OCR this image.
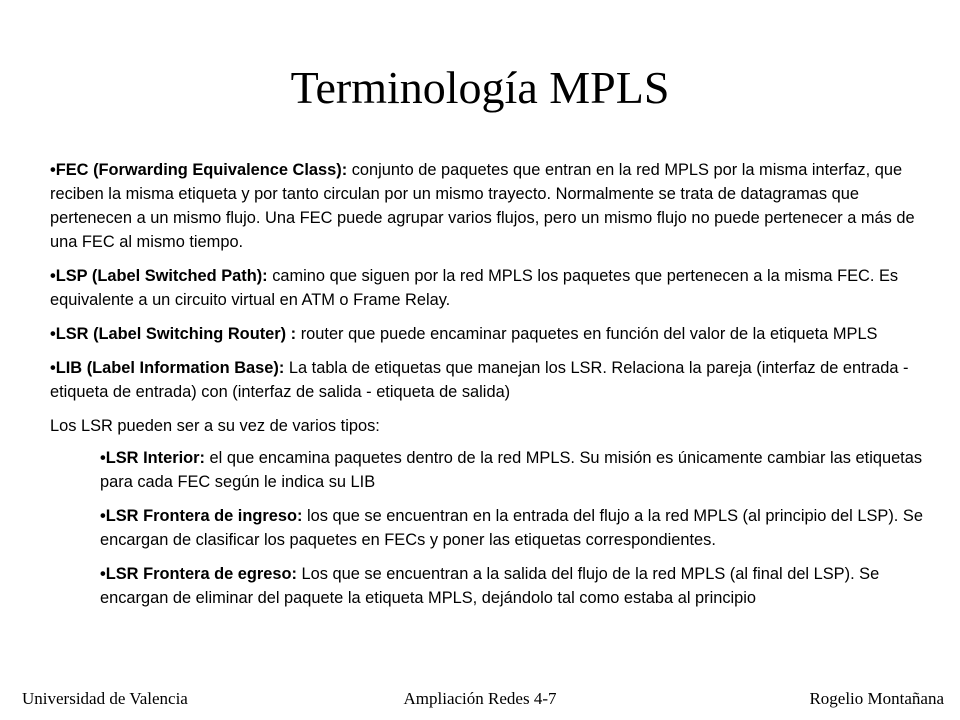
Terminología MPLS

•FEC (Forwarding Equivalence Class): conjunto de paquetes que entran en la red MPLS por la misma interfaz, que reciben la misma etiqueta y por tanto circulan por un mismo trayecto. Normalmente se trata de datagramas que pertenecen a un mismo flujo. Una FEC puede agrupar varios flujos, pero un mismo flujo no puede pertenecer a más de una FEC al mismo tiempo.

•LSP (Label Switched Path): camino que siguen por la red MPLS los paquetes que pertenecen a la misma FEC. Es equivalente a un circuito virtual en ATM o Frame Relay.

•LSR (Label Switching Router) : router que puede encaminar paquetes en función del valor de la etiqueta MPLS

•LIB (Label Information Base): La tabla de etiquetas que manejan los LSR. Relaciona la pareja (interfaz de entrada - etiqueta de entrada) con (interfaz de salida - etiqueta de salida)

Los LSR pueden ser a su vez de varios tipos:

•LSR Interior: el que encamina paquetes dentro de la red MPLS. Su misión es únicamente cambiar las etiquetas para cada FEC según le indica su LIB

•LSR Frontera de ingreso: los que se encuentran en la entrada del flujo a la red MPLS (al principio del LSP). Se encargan de clasificar los paquetes en FECs y poner las etiquetas correspondientes.

•LSR Frontera de egreso: Los que se encuentran a la salida del flujo de la red MPLS (al final del LSP). Se encargan de eliminar del paquete la etiqueta MPLS, dejándolo tal como estaba al principio

Ampliación Redes 4-7
Universidad de Valencia	Rogelio Montañana
